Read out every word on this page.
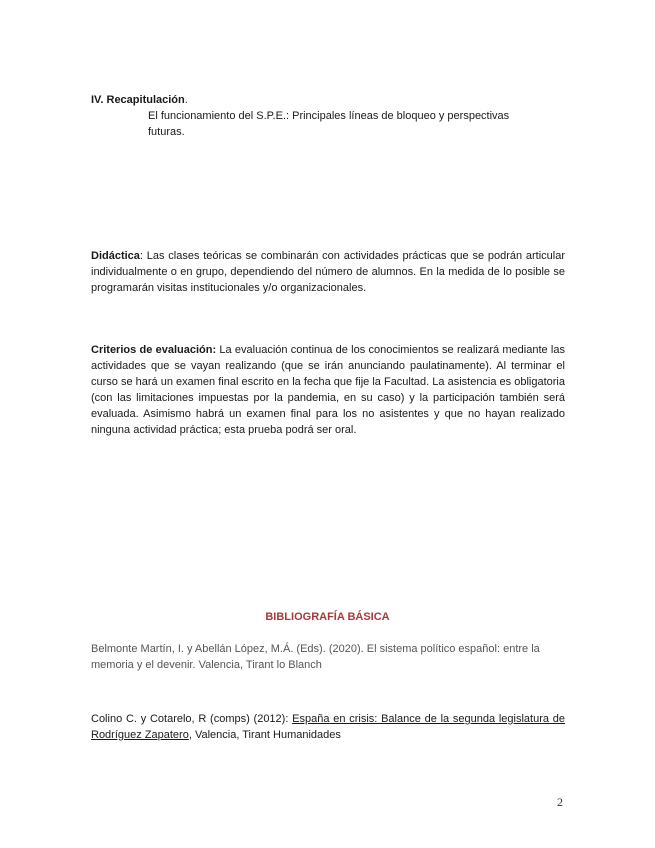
IV. Recapitulación.
El funcionamiento del S.P.E.: Principales líneas de bloqueo y perspectivas futuras.
Didáctica: Las clases teóricas se combinarán con actividades prácticas que se podrán articular individualmente o en grupo, dependiendo del número de alumnos. En la medida de lo posible se programarán visitas institucionales y/o organizacionales.
Criterios de evaluación: La evaluación continua de los conocimientos se realizará mediante las actividades que se vayan realizando (que se irán anunciando paulatinamente). Al terminar el curso se hará un examen final escrito en la fecha que fije la Facultad. La asistencia es obligatoria (con las limitaciones impuestas por la pandemia, en su caso) y la participación también será evaluada. Asimismo habrá un examen final para los no asistentes y que no hayan realizado ninguna actividad práctica; esta prueba podrá ser oral.
BIBLIOGRAFÍA BÁSICA
Belmonte Martín, I. y Abellán López, M.Á. (Eds). (2020). El sistema político español: entre la memoria y el devenir. Valencia, Tirant lo Blanch
Colino C. y Cotarelo, R (comps) (2012): España en crisis: Balance de la segunda legislatura de Rodríguez Zapatero, Valencia, Tirant Humanidades
2
